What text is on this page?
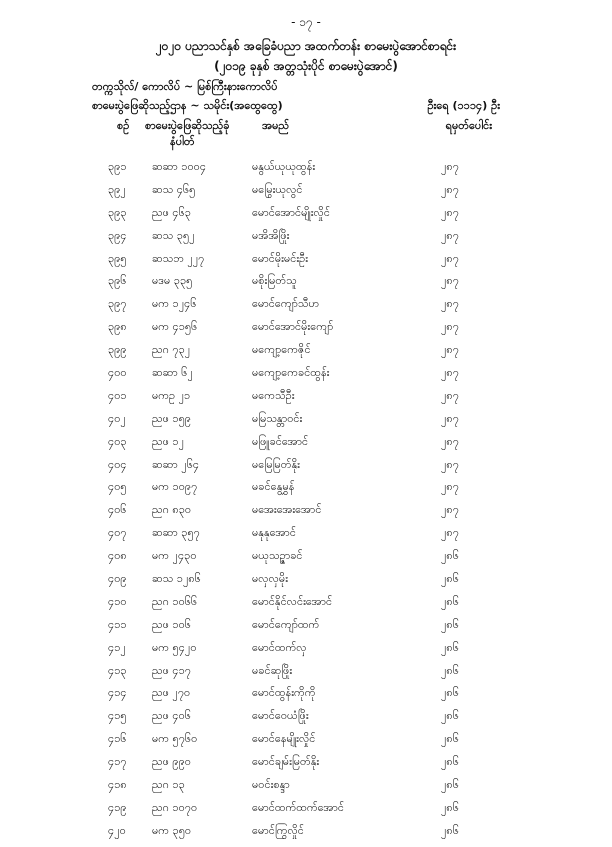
- ၁၇ -
၂၀၂၀ ပညာသင်နှစ် အခြေခံပညာ အထက်တန်း စာမေးပွဲအောင်စာရင်း
(၂၀၁၉ ခုနှစ် အတ္တသုံးပိုင် စာမေးပွဲအောင်)
တက္ကသိုလ်/ ကောလိပ် ~ မြစ်ကြီးနားကောလိပ်
စာမေးပွဲဖြေဆိုသည့်ဌာန ~ သမိုင်း(အထွေထွေ)	ဦးရေ (၁၁၁၄) ဦး
စဉ် စာမေးပွဲဖြေဆိုသည့်ခုံ
နံပါတ်
အမည်	ရမှတ်ပေါင်း
၃၉၁ ဆဆာ ၁၀၀၄	မနွယ်ယုယုထွန်း	၂၈၇
၃၉၂ ဆသ ၄၆၅	မမြွေးယုလွင်	၂၈၇
၃၉၃ ညဖ ၄၆၃	မောင်အောင်မျိုးလှိုင်	၂၈၇
၃၉၄ ဆသ ၃၅၂	မအိအိဖြိုး	၂၈၇
၃၉၅ ဆသဘ ၂၂၇	မောင်မိုးမင်းဦး	၂၈၇
၃၉၆ မဒမ ၃၃၅	မစိုးမြတ်သူ	၂၈၇
၃၉၇ မက ၁၂၄၆	မောင်ကျော်သီဟ	၂၈၇
၃၉၈ မက ၄၁၅၆	မောင်အောင်မိုးကျော်	၂၈၇
၃၉၉ ညဂ ၇၃၂	မကျော့ကေဇိုင်	၂၈၇
၄၀၀ ဆဆာ ၆၂	မကျော့ကေခင်ထွန်း	၂၈၇
၄၀၁ မကဥ ၂၁	မကေသီဦး	၂၈၇
၄၀၂ ညဖ ၁၅၉	မမြသန္တာဝင်း	၂၈၇
၄၀၃ ညဖ ၁၂	မဖြူခင်အောင်	၂၈၇
၄၀၄ ဆဆာ ၂၆၄	မမြေမြတ်နိုး	၂၈၇
၄၀၅ မက ၁၀၉၇	မခင်နွေမွှန်	၂၈၇
၄၀၆ ညဂ ၈၃၀	မအေးအေးအောင်	၂၈၇
၄၀၇ ဆဆာ ၃၅၇	မနုနုအောင်	၂၈၇
၄၀၈ မက ၂၄၃၀	မယုသဉ္ဇာခင်	၂၈၆
၄၀၉ ဆသ ၁၂၈၆	မလှလှမိုး	၂၈၆
၄၁၀ ညဂ ၁၀၆၆	မောင်နိုင်လင်းအောင်	၂၈၆
၄၁၁ ညဖ ၁၀၆	မောင်ကျော်ထက်	၂၈၆
၄၁၂ မက ၅၄၂၀	မောင်ထက်လှ	၂၈၆
၄၁၃ ညဖ ၄၁၇	မခင်ဆုဖြိုး	၂၈၆
၄၁၄ ညဖ ၂၇၀	မောင်ထွန်းကိုကို	၂၈၆
၄၁၅ ညဖ ၄၀၆	မောင်ဝေယံဖြိုး	၂၈၆
၄၁၆ မက ၅၇၆၀	မောင်နေမျိုးလှိုင်	၂၈၆
၄၁၇ ညဖ ၉၉၀	မောင်ချမ်းမြတ်နိုး	၂၈၆
၄၁၈ ညဂ ၁၃	မဝင်းစန္ဒာ	၂၈၆
၄၁၉ ညဂ ၁၀၇၀	မောင်ထက်ထက်အောင်	၂၈၆
၄၂၀ မက ၃၅၀	မောင်ကြွလှိုင်	၂၈၆
